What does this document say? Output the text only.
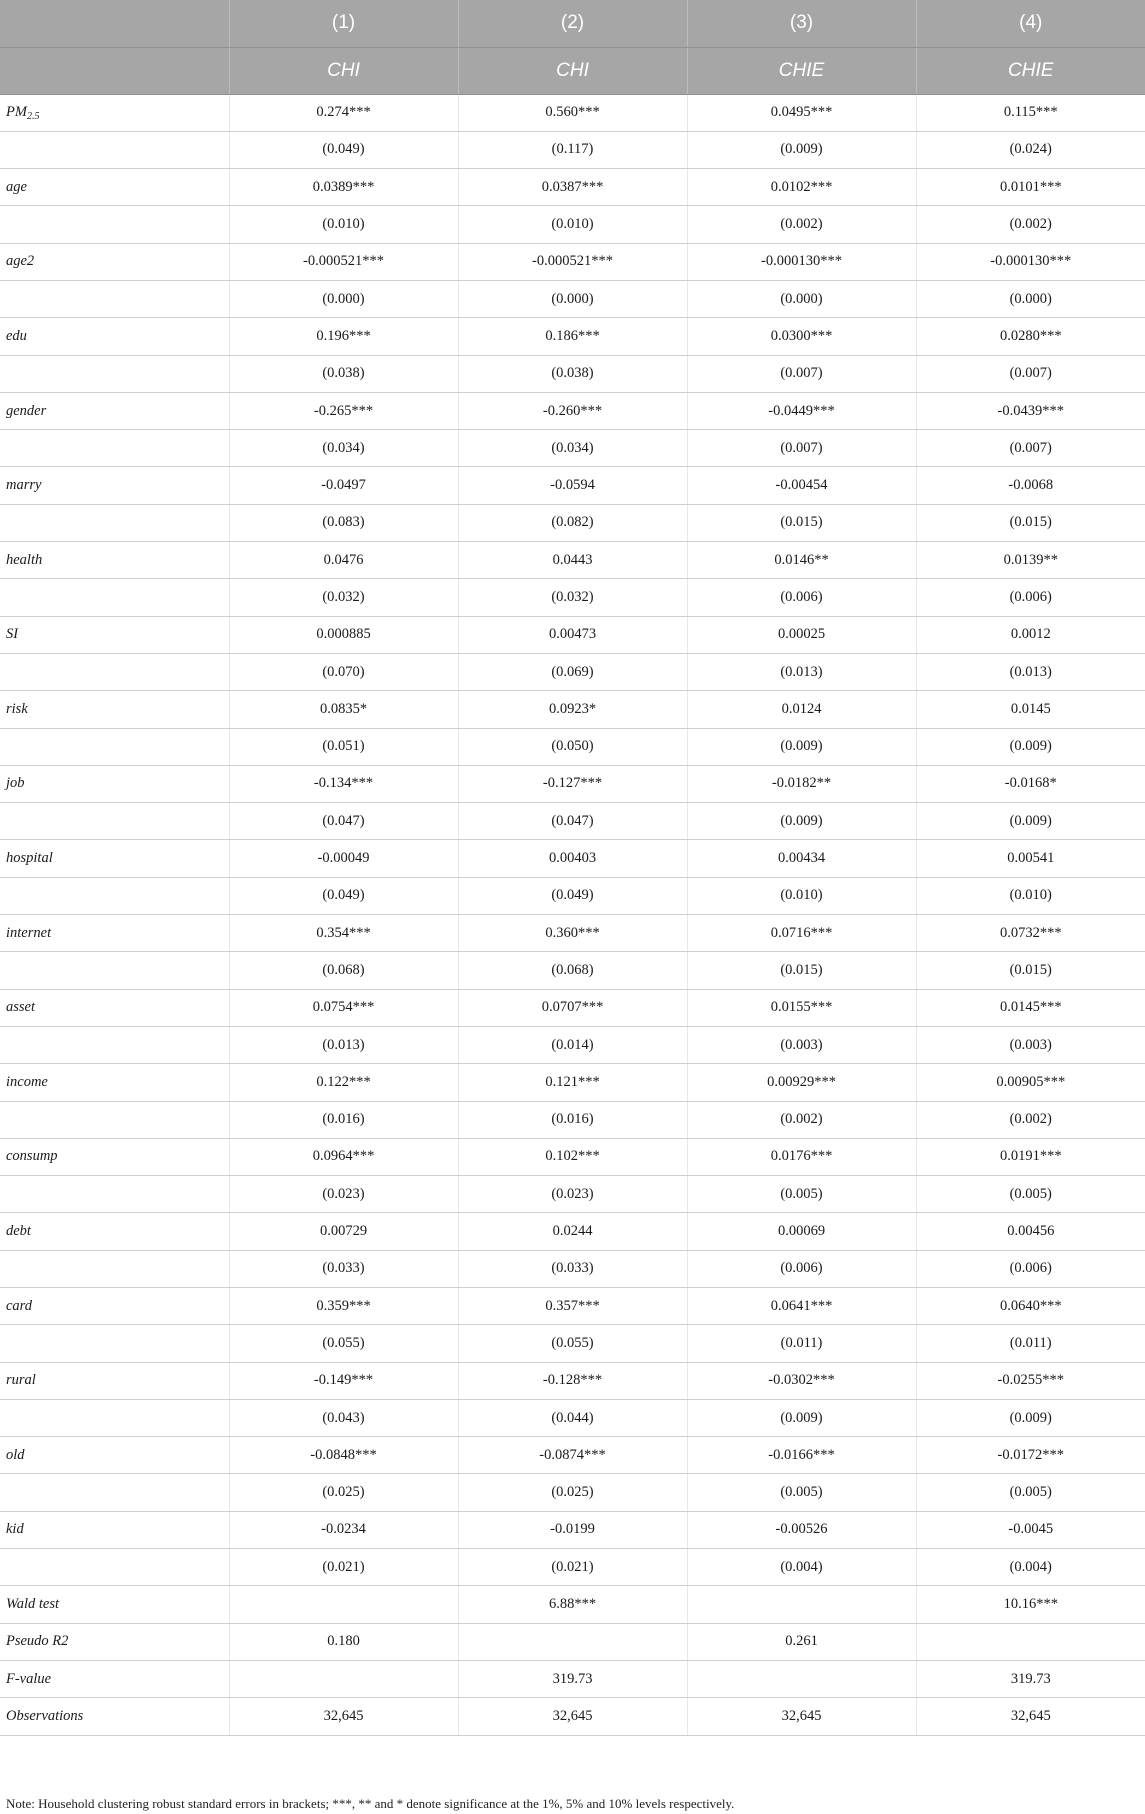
	(1)	(2)	(3)	(4)
	CHI	CHI	CHIE	CHIE
$PM_{2.5}$	0.274***	0.560***	0.0495***	0.115***
	(0.049)	(0.117)	(0.009)	(0.024)
age	0.0389***	0.0387***	0.0102***	0.0101***
	(0.010)	(0.010)	(0.002)	(0.002)
age2	-0.000521***	-0.000521***	-0.000130***	-0.000130***
	(0.000)	(0.000)	(0.000)	(0.000)
edu	0.196***	0.186***	0.0300***	0.0280***
	(0.038)	(0.038)	(0.007)	(0.007)
gender	-0.265***	-0.260***	-0.0449***	-0.0439***
	(0.034)	(0.034)	(0.007)	(0.007)
marry	-0.0497	-0.0594	-0.00454	-0.0068
	(0.083)	(0.082)	(0.015)	(0.015)
health	0.0476	0.0443	0.0146**	0.0139**
	(0.032)	(0.032)	(0.006)	(0.006)
SI	0.000885	0.00473	0.00025	0.0012
	(0.070)	(0.069)	(0.013)	(0.013)
risk	0.0835*	0.0923*	0.0124	0.0145
	(0.051)	(0.050)	(0.009)	(0.009)
job	-0.134***	-0.127***	-0.0182**	-0.0168*
	(0.047)	(0.047)	(0.009)	(0.009)
hospital	-0.00049	0.00403	0.00434	0.00541
	(0.049)	(0.049)	(0.010)	(0.010)
internet	0.354***	0.360***	0.0716***	0.0732***
	(0.068)	(0.068)	(0.015)	(0.015)
asset	0.0754***	0.0707***	0.0155***	0.0145***
	(0.013)	(0.014)	(0.003)	(0.003)
income	0.122***	0.121***	0.00929***	0.00905***
	(0.016)	(0.016)	(0.002)	(0.002)
consump	0.0964***	0.102***	0.0176***	0.0191***
	(0.023)	(0.023)	(0.005)	(0.005)
debt	0.00729	0.0244	0.00069	0.00456
	(0.033)	(0.033)	(0.006)	(0.006)
card	0.359***	0.357***	0.0641***	0.0640***
	(0.055)	(0.055)	(0.011)	(0.011)
rural	-0.149***	-0.128***	-0.0302***	-0.0255***
	(0.043)	(0.044)	(0.009)	(0.009)
old	-0.0848***	-0.0874***	-0.0166***	-0.0172***
	(0.025)	(0.025)	(0.005)	(0.005)
kid	-0.0234	-0.0199	-0.00526	-0.0045
	(0.021)	(0.021)	(0.004)	(0.004)
Wald test		6.88***		10.16***
Pseudo R2	0.180		0.261	
F-value		319.73		319.73
Observations	32,645	32,645	32,645	32,645
Note: Household clustering robust standard errors in brackets; ***, ** and * denote significance at the 1%, 5% and 10% levels respectively.
